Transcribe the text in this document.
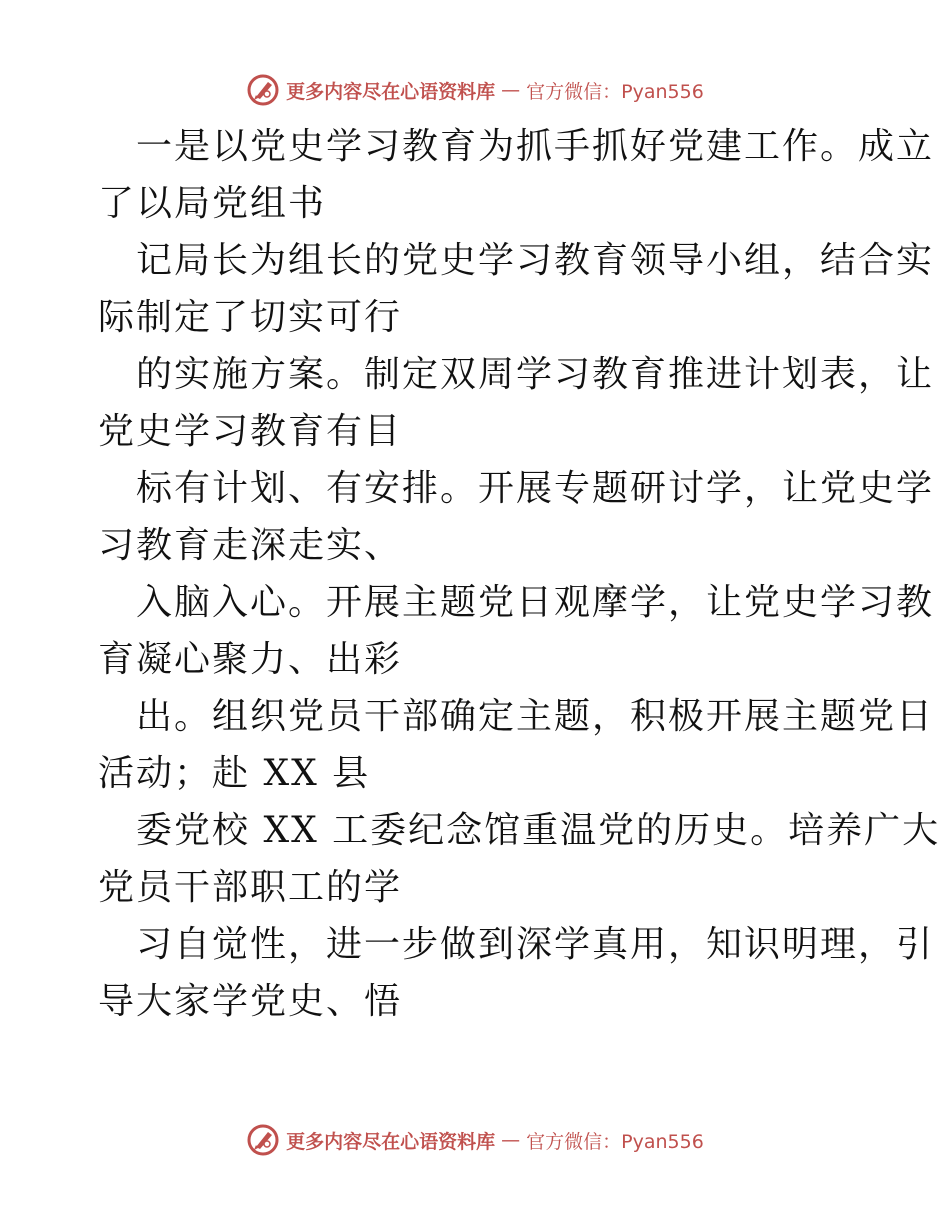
更多内容尽在心语资料库 — 官方微信：Pyan556
一是以党史学习教育为抓手抓好党建工作。成立
了以局党组书
记局长为组长的党史学习教育领导小组，结合实
际制定了切实可行
的实施方案。制定双周学习教育推进计划表，让
党史学习教育有目
标有计划、有安排。开展专题研讨学，让党史学
习教育走深走实、
入脑入心。开展主题党日观摩学，让党史学习教
育凝心聚力、出彩
出。组织党员干部确定主题，积极开展主题党日
活动；赴 XX 县
委党校 XX 工委纪念馆重温党的历史。培养广大
党员干部职工的学
习自觉性，进一步做到深学真用，知识明理，引
导大家学党史、悟
更多内容尽在心语资料库 — 官方微信：Pyan556
